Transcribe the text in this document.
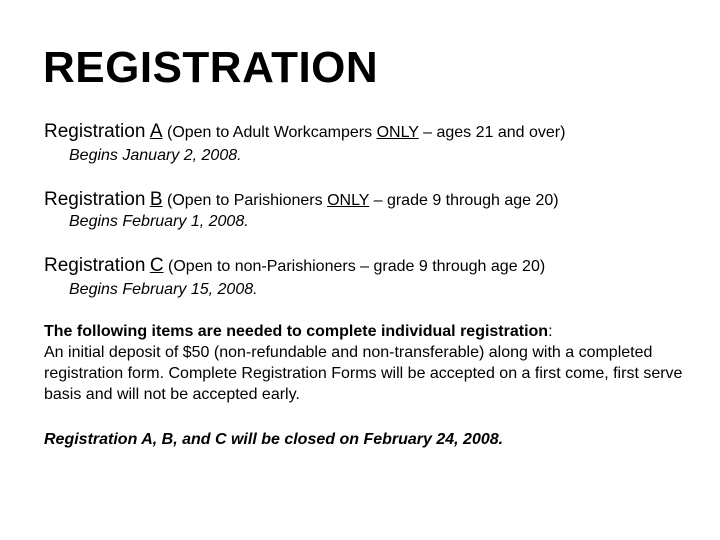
REGISTRATION
Registration A (Open to Adult Workcampers ONLY – ages 21 and over)
Begins January 2, 2008.
Registration B (Open to Parishioners ONLY – grade 9 through age 20)
Begins February 1, 2008.
Registration C (Open to non-Parishioners – grade 9 through age 20)
Begins February 15, 2008.
The following items are needed to complete individual registration:
An initial deposit of $50 (non-refundable and non-transferable) along with a completed registration form. Complete Registration Forms will be accepted on a first come, first serve basis and will not be accepted early.
Registration A, B, and C will be closed on February 24, 2008.
